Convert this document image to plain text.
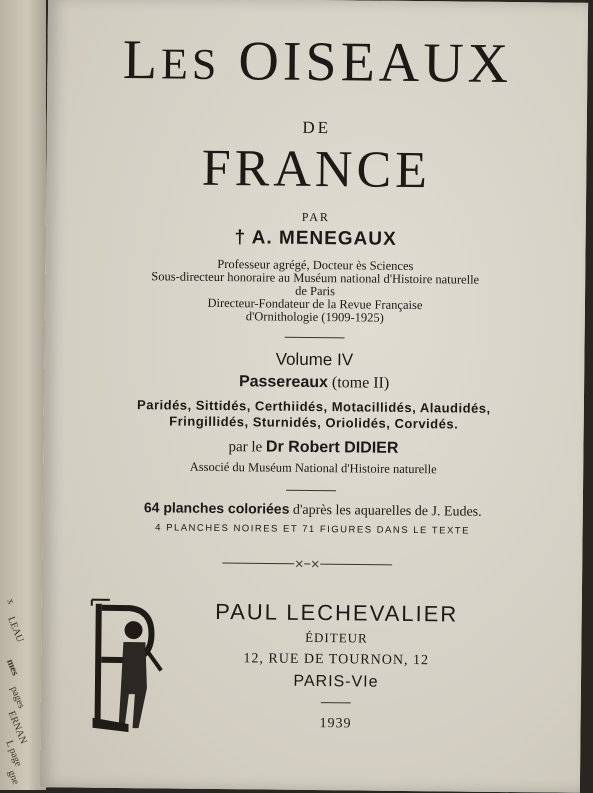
x
LEAU
mes
pages
ERNAN
L page
gne
LES OISEAUX
DE
FRANCE
PAR
† A. MENEGAUX
Professeur agrégé, Docteur ès Sciences
Sous-directeur honoraire au Muséum national d'Histoire naturelle
de Paris
Directeur-Fondateur de la Revue Française
d'Ornithologie (1909-1925)
Volume IV
Passereaux (tome II)
Paridés, Sittidés, Certhiidés, Motacillidés, Alaudidés,
Fringillidés, Sturnidés, Oriolidés, Corvidés.
par le Dr Robert DIDIER
Associé du Muséum National d'Histoire naturelle
64 planches coloriées d'après les aquarelles de J. Eudes.
4 PLANCHES NOIRES ET 71 FIGURES DANS LE TEXTE
PAUL LECHEVALIER
ÉDITEUR
12, RUE DE TOURNON, 12
PARIS-VIe
1939
